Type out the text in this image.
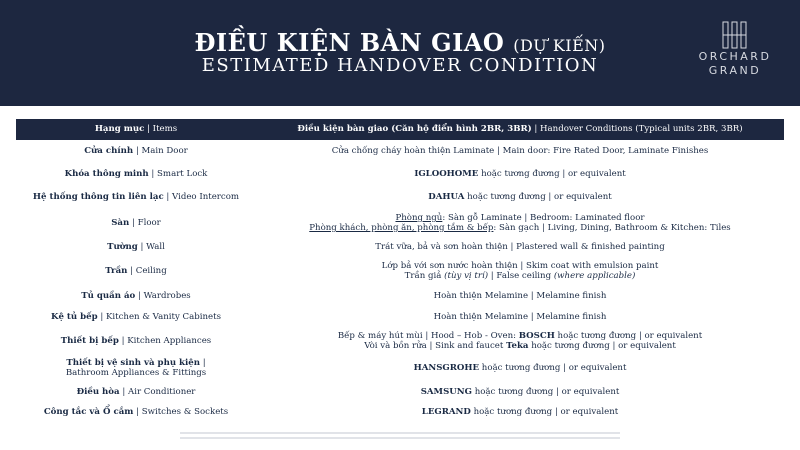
ĐIỀU KIỆN BÀN GIAO (DỰ KIẾN)
ESTIMATED HANDOVER CONDITION	ORCHARD
GRAND
Hạng mục | Items	Điều kiện bàn giao (Căn hộ điển hình 2BR, 3BR) | Handover Conditions (Typical units 2BR, 3BR)
Cửa chính | Main Door	Cửa chống cháy hoàn thiện Laminate | Main door: Fire Rated Door, Laminate Finishes
Khóa thông minh | Smart Lock	IGLOOHOME hoặc tương đương | or equivalent
Hệ thống thông tin liên lạc | Video Intercom	DAHUA hoặc tương đương | or equivalent
Sàn | Floor	Phòng ngủ: Sàn gỗ Laminate | Bedroom: Laminated floor
Phòng khách, phòng ăn, phòng tắm & bếp: Sàn gạch | Living, Dining, Bathroom & Kitchen: Tiles
Tường | Wall	Trát vữa, bả và sơn hoàn thiện | Plastered wall & finished painting
Trần | Ceiling	Lớp bả với sơn nước hoàn thiện | Skim coat with emulsion paint
Trần giả (tùy vị trí) | False ceiling (where applicable)
Tủ quần áo | Wardrobes	Hoàn thiện Melamine | Melamine finish
Kệ tủ bếp | Kitchen & Vanity Cabinets	Hoàn thiện Melamine | Melamine finish
Thiết bị bếp | Kitchen Appliances	Bếp & máy hút mùi | Hood – Hob - Oven: BOSCH hoặc tương đương | or equivalent
Vòi và bồn rửa | Sink and faucet Teka hoặc tương đương | or equivalent
Thiết bị vệ sinh và phụ kiện |
Bathroom Appliances & Fittings	HANSGROHE hoặc tương đương | or equivalent
Điều hòa | Air Conditioner	SAMSUNG hoặc tương đương | or equivalent
Công tắc và Ổ cắm | Switches & Sockets	LEGRAND hoặc tương đương | or equivalent
